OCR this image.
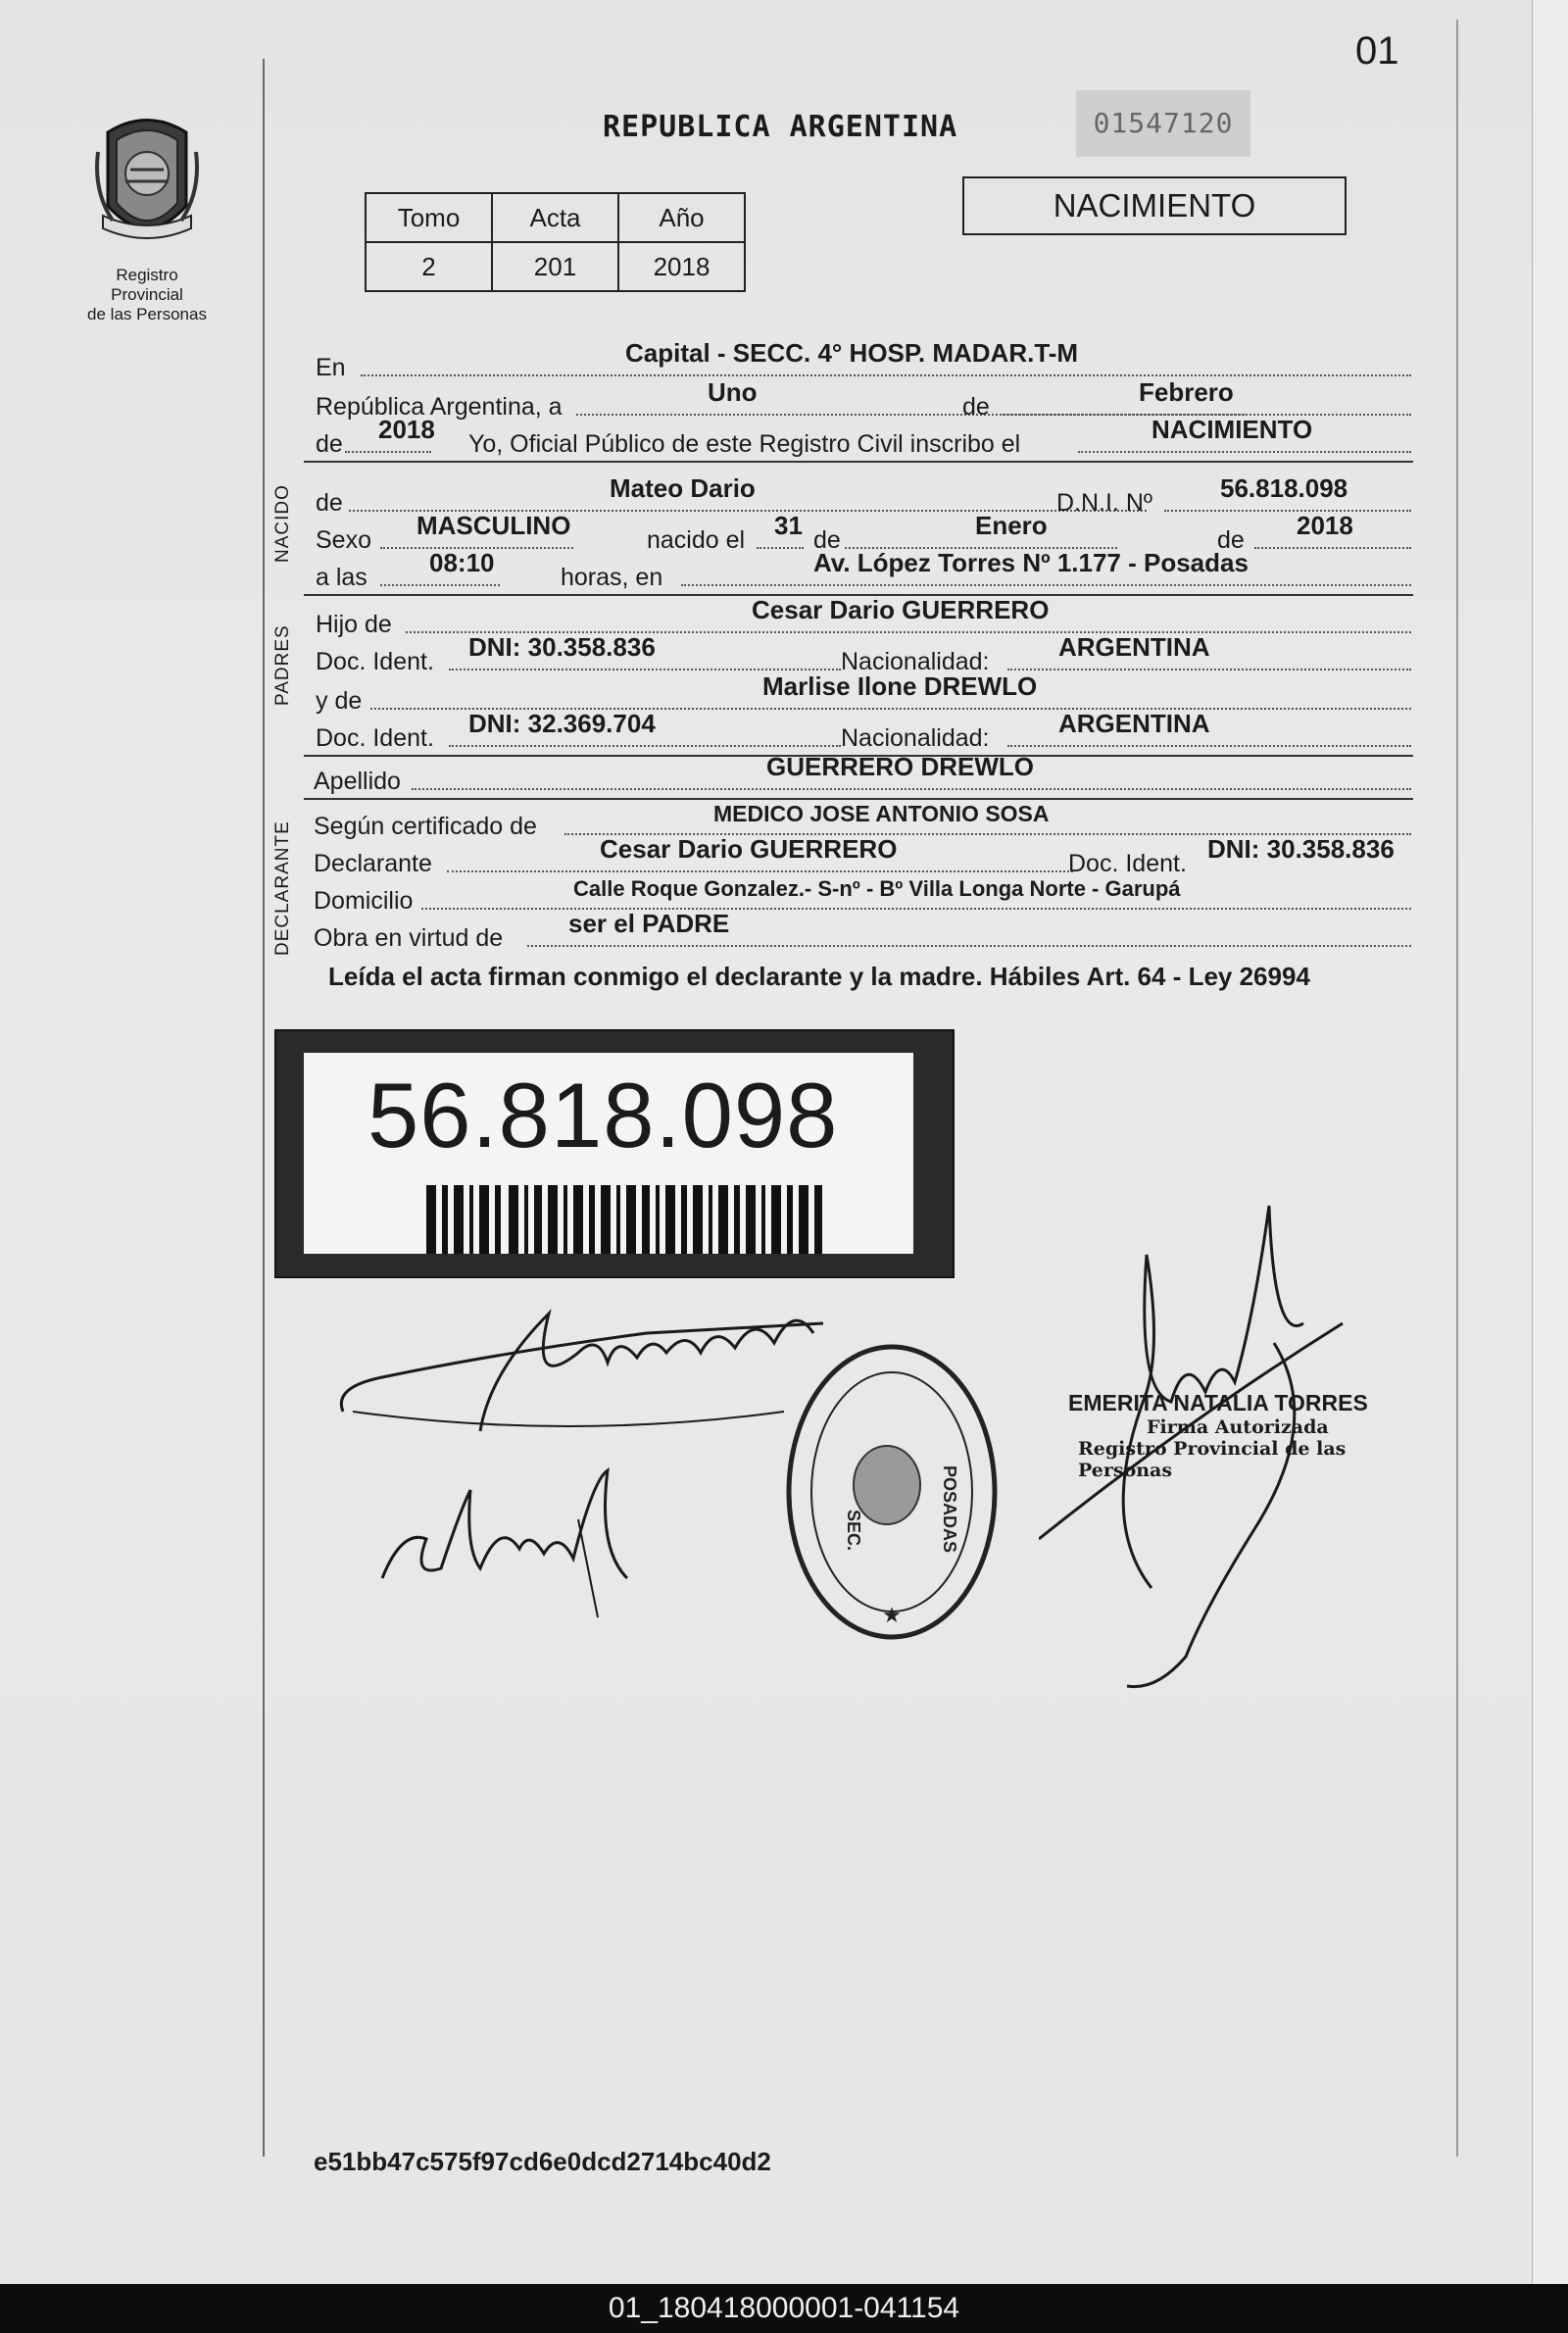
01
Registro Provincial
de las Personas
REPUBLICA ARGENTINA	01547120
Tomo	Acta	Año
2	201	2018
NACIMIENTO
En	Capital - SECC. 4° HOSP. MADAR.T-M
República Argentina, a	Uno	de	Febrero
de 2018 Yo, Oficial Público de este Registro Civil inscribo el	NACIMIENTO
NACIDO de	Mateo Dario	D.N.I. Nº	56.818.098
Sexo MASCULINO	nacido el 31 de	Enero	de 2018
a las 08:10	horas, en	Av. López Torres Nº 1.177 - Posadas
PADRES
Hijo de	Cesar Dario GUERRERO
Doc. Ident. DNI: 30.358.836	Nacionalidad:	ARGENTINA
y de	Marlise Ilone DREWLO
Doc. Ident. DNI: 32.369.704	Nacionalidad:	ARGENTINA
Apellido	GUERRERO DREWLO
DECLARANTE Según certificado de	MEDICO JOSE ANTONIO SOSA
Declarante	Cesar Dario GUERRERO	Doc. Ident. DNI: 30.358.836
Domicilio	Calle Roque Gonzalez.- S-nº - Bº Villa Longa Norte - Garupá
Obra en virtud de	ser el PADRE
Leída el acta firman conmigo el declarante y la madre. Hábiles Art. 64 - Ley 26994
56.818.098
SEC.	POSADAS
★
EMERITA NATALIA TORRES
Firma Autorizada
Registro Provincial de las Personas
e51bb47c575f97cd6e0dcd2714bc40d2
01_180418000001-041154
